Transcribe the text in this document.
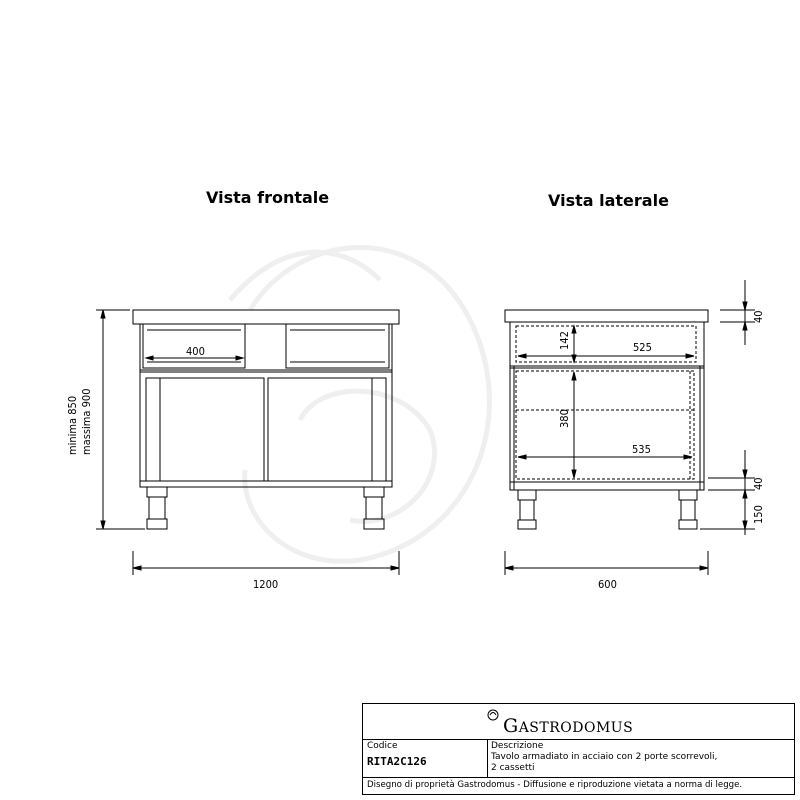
400
minima 850 massima 900
1200
525
142
535
380
40
40
150
600
Vista frontale	Vista laterale
GASTRODOMUS
Codice
RITA2C126
Descrizione
Tavolo armadiato in acciaio con 2 porte scorrevoli,
2 cassetti
Disegno di proprietà Gastrodomus - Diffusione e riproduzione vietata a norma di legge.
